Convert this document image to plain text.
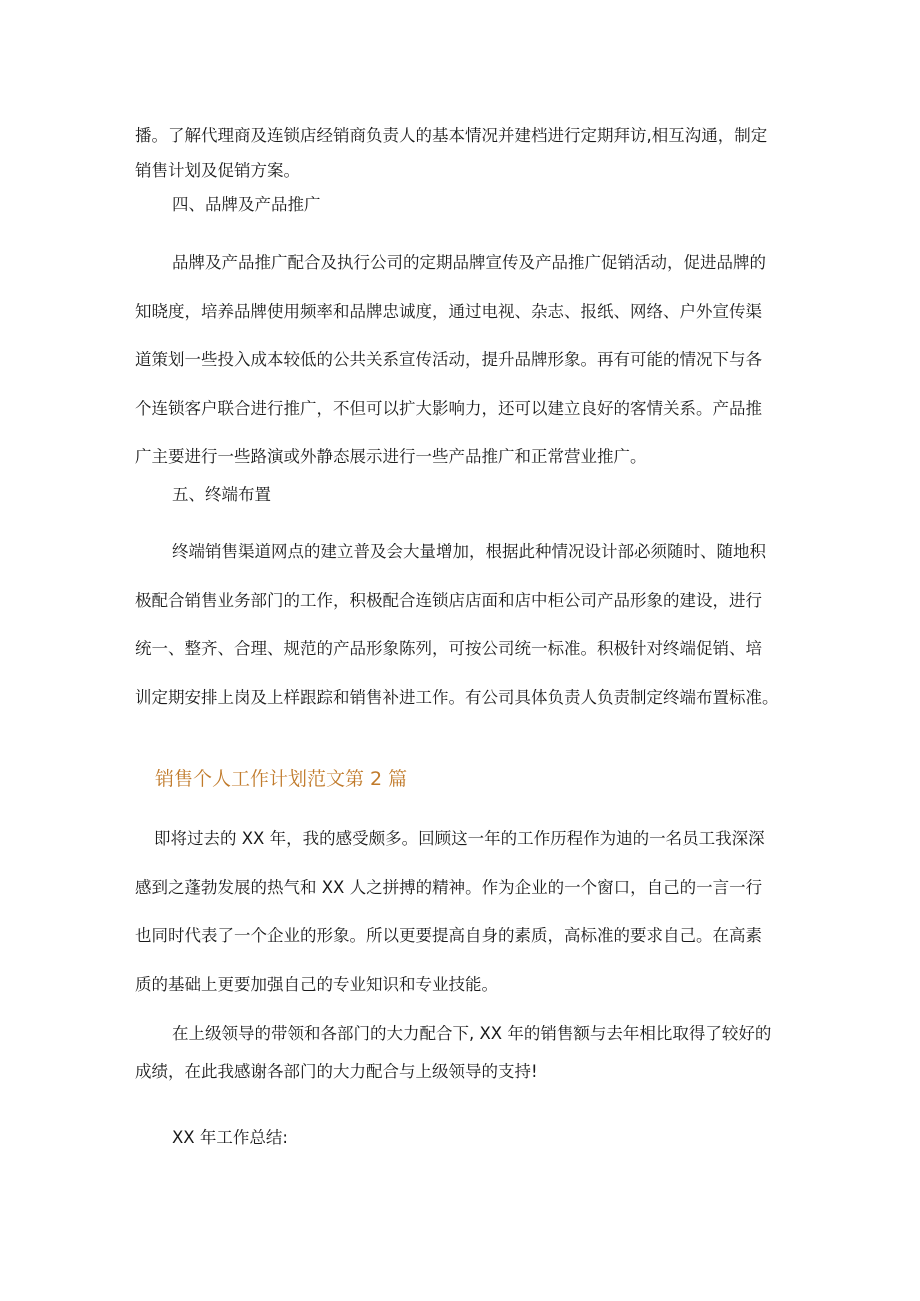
播。了解代理商及连锁店经销商负责人的基本情况并建档进行定期拜访,相互沟通，制定
销售计划及促销方案。

四、品牌及产品推广

品牌及产品推广配合及执行公司的定期品牌宣传及产品推广促销活动，促进品牌的
知晓度，培养品牌使用频率和品牌忠诚度，通过电视、杂志、报纸、网络、户外宣传渠
道策划一些投入成本较低的公共关系宣传活动，提升品牌形象。再有可能的情况下与各
个连锁客户联合进行推广，不但可以扩大影响力，还可以建立良好的客情关系。产品推
广主要进行一些路演或外静态展示进行一些产品推广和正常营业推广。

五、终端布置

终端销售渠道网点的建立普及会大量增加，根据此种情况设计部必须随时、随地积
极配合销售业务部门的工作，积极配合连锁店店面和店中柜公司产品形象的建设，进行
统一、整齐、合理、规范的产品形象陈列，可按公司统一标准。积极针对终端促销、培
训定期安排上岗及上样跟踪和销售补进工作。有公司具体负责人负责制定终端布置标准。
销售个人工作计划范文第 2 篇
即将过去的 XX 年，我的感受颇多。回顾这一年的工作历程作为迪的一名员工我深深
感到之蓬勃发展的热气和 XX 人之拼搏的精神。作为企业的一个窗口，自己的一言一行
也同时代表了一个企业的形象。所以更要提高自身的素质，高标准的要求自己。在高素
质的基础上更要加强自己的专业知识和专业技能。
在上级领导的带领和各部门的大力配合下, XX 年的销售额与去年相比取得了较好的
成绩，在此我感谢各部门的大力配合与上级领导的支持!

XX 年工作总结:
